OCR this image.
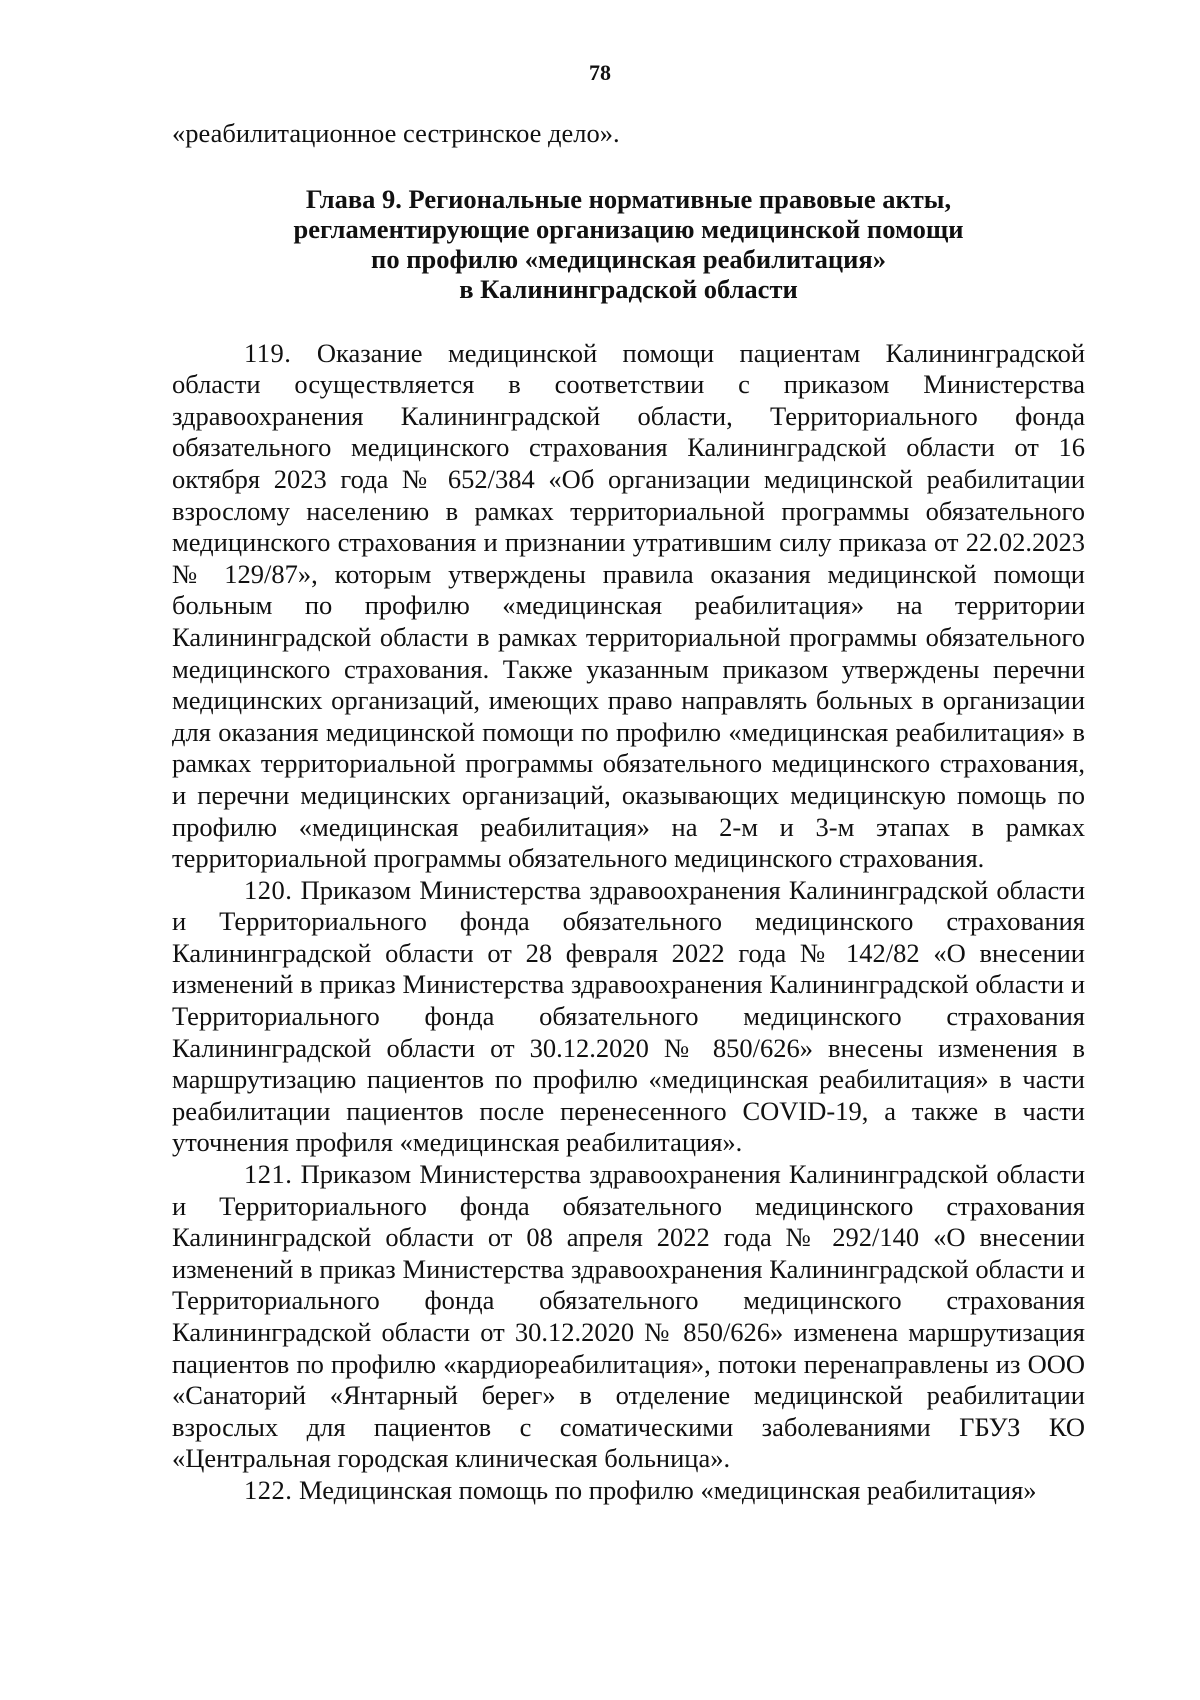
78

«реабилитационное сестринское дело».

Глава 9. Региональные нормативные правовые акты,
регламентирующие организацию медицинской помощи
по профилю «медицинская реабилитация»
в Калининградской области

119. Оказание медицинской помощи пациентам Калининградской области осуществляется в соответствии с приказом Министерства здравоохранения Калининградской области, Территориального фонда обязательного медицинского страхования Калининградской области от 16 октября 2023 года № 652/384 «Об организации медицинской реабилитации взрослому населению в рамках территориальной программы обязательного медицинского страхования и признании утратившим силу приказа от 22.02.2023 № 129/87», которым утверждены правила оказания медицинской помощи больным по профилю «медицинская реабилитация» на территории Калининградской области в рамках территориальной программы обязательного медицинского страхования. Также указанным приказом утверждены перечни медицинских организаций, имеющих право направлять больных в организации для оказания медицинской помощи по профилю «медицинская реабилитация» в рамках территориальной программы обязательного медицинского страхования, и перечни медицинских организаций, оказывающих медицинскую помощь по профилю «медицинская реабилитация» на 2-м и 3-м этапах в рамках территориальной программы обязательного медицинского страхования.

120. Приказом Министерства здравоохранения Калининградской области и Территориального фонда обязательного медицинского страхования Калининградской области от 28 февраля 2022 года № 142/82 «О внесении изменений в приказ Министерства здравоохранения Калининградской области и Территориального фонда обязательного медицинского страхования Калининградской области от 30.12.2020 № 850/626» внесены изменения в маршрутизацию пациентов по профилю «медицинская реабилитация» в части реабилитации пациентов после перенесенного COVID-19, а также в части уточнения профиля «медицинская реабилитация».

121. Приказом Министерства здравоохранения Калининградской области и Территориального фонда обязательного медицинского страхования Калининградской области от 08 апреля 2022 года № 292/140 «О внесении изменений в приказ Министерства здравоохранения Калининградской области и Территориального фонда обязательного медицинского страхования Калининградской области от 30.12.2020 № 850/626» изменена маршрутизация пациентов по профилю «кардиореабилитация», потоки перенаправлены из ООО «Санаторий «Янтарный берег» в отделение медицинской реабилитации взрослых для пациентов с соматическими заболеваниями ГБУЗ КО «Центральная городская клиническая больница».

122. Медицинская помощь по профилю «медицинская реабилитация»
